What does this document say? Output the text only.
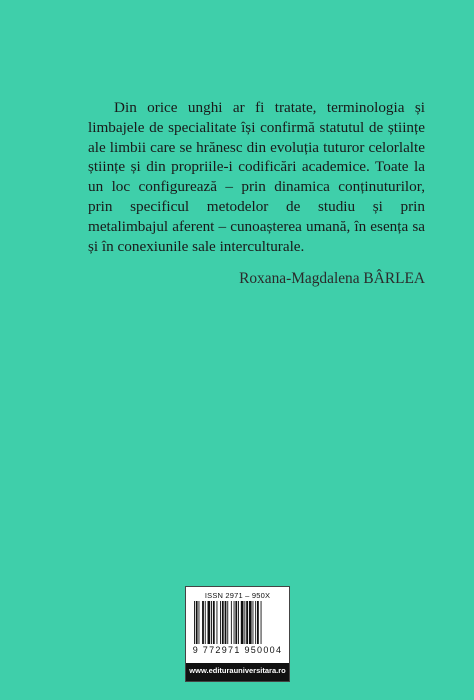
Din orice unghi ar fi tratate, terminologia și limbajele de specialitate își confirmă statutul de științe ale limbii care se hrănesc din evoluția tuturor celorlalte științe și din propriile-i codificări academice. Toate la un loc configurează – prin dinamica conținuturilor, prin specificul metodelor de studiu și prin metalimbajul aferent – cunoașterea umană, în esența sa și în conexiunile sale interculturale.

Roxana-Magdalena BÂRLEA

ISSN 2971 – 950X
9 772971 950004
www.editurauniversitara.ro
